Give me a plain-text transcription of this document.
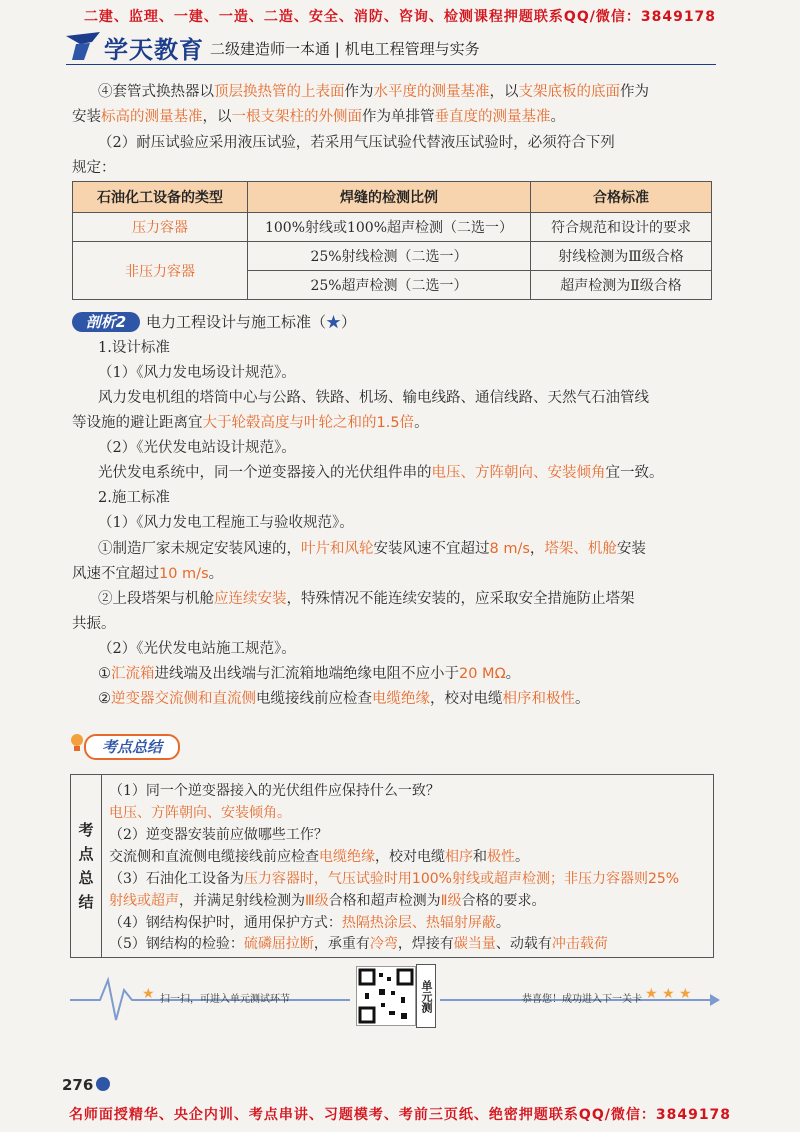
二建、监理、一建、一造、二造、安全、消防、咨询、检测课程押题联系QQ/微信：3849178
学天教育 二级建造师一本通 | 机电工程管理与实务
④套管式换热器以顶层换热管的上表面作为水平度的测量基准，以支架底板的底面作为
安装标高的测量基准，以一根支架柱的外侧面作为单排管垂直度的测量基准。
（2）耐压试验应采用液压试验，若采用气压试验代替液压试验时，必须符合下列
规定：
石油化工设备的类型	焊缝的检测比例	合格标准
压力容器	100%射线或100%超声检测（二选一）	符合规范和设计的要求
非压力容器	25%射线检测（二选一）	射线检测为Ⅲ级合格
	25%超声检测（二选一）	超声检测为Ⅱ级合格
剖析2	电力工程设计与施工标准（★）
1.设计标准
（1）《风力发电场设计规范》。
风力发电机组的塔筒中心与公路、铁路、机场、输电线路、通信线路、天然气石油管线
等设施的避让距离宜大于轮毂高度与叶轮之和的1.5倍。
（2）《光伏发电站设计规范》。
光伏发电系统中，同一个逆变器接入的光伏组件串的电压、方阵朝向、安装倾角宜一致。
2.施工标准
（1）《风力发电工程施工与验收规范》。
①制造厂家未规定安装风速的，叶片和风轮安装风速不宜超过8 m/s，塔架、机舱安装
风速不宜超过10 m/s。
②上段塔架与机舱应连续安装，特殊情况不能连续安装的，应采取安全措施防止塔架
共振。
（2）《光伏发电站施工规范》。
①汇流箱进线端及出线端与汇流箱地端绝缘电阻不应小于20 MΩ。
②逆变器交流侧和直流侧电缆接线前应检查电缆绝缘，校对电缆相序和极性。
考点总结
考
点
总
结
（1）同一个逆变器接入的光伏组件应保持什么一致？
电压、方阵朝向、安装倾角。
（2）逆变器安装前应做哪些工作？
交流侧和直流侧电缆接线前应检查电缆绝缘，校对电缆相序和极性。
（3）石油化工设备为压力容器时，气压试验时用100%射线或超声检测；非压力容器则25%
射线或超声，并满足射线检测为Ⅲ级合格和超声检测为Ⅱ级合格的要求。
（4）钢结构保护时，通用保护方式：热隔热涂层、热辐射屏蔽。
（5）钢结构的检验：硫磷屈拉断，承重有冷弯，焊接有碳当量、动载有冲击载荷
★ 扫一扫，可进入单元测试环节	单元测	恭喜您！成功进入下一关卡 ★ ★ ★
276
名师面授精华、央企内训、考点串讲、习题模考、考前三页纸、绝密押题联系QQ/微信：3849178
